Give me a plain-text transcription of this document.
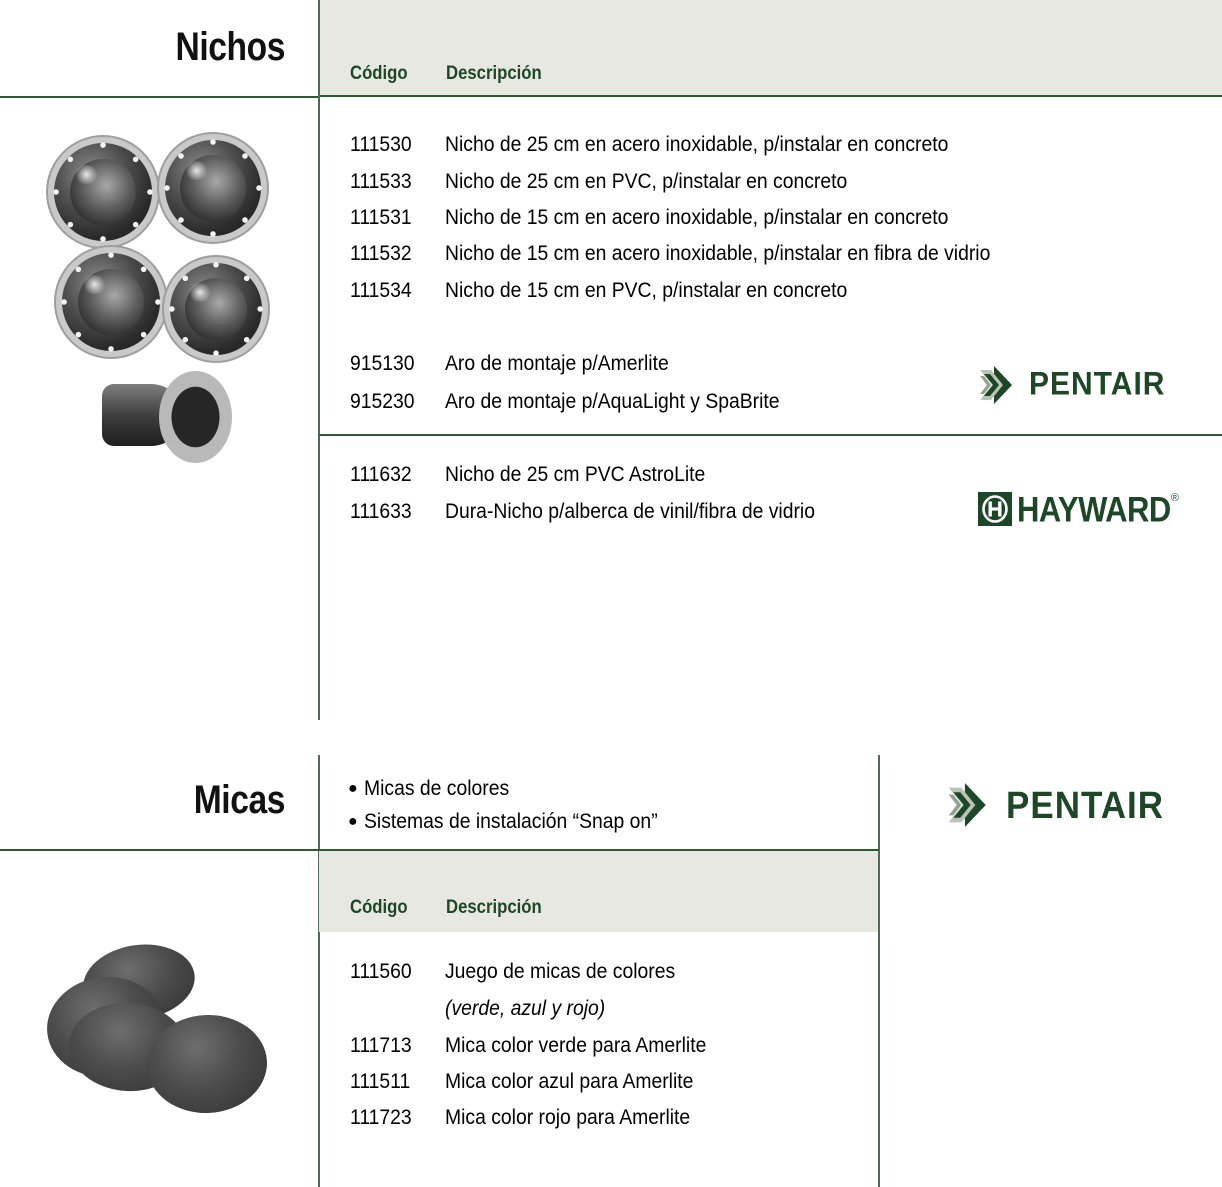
Nichos
Código Descripción
111530 Nicho de 25 cm en acero inoxidable, p/instalar en concreto
111533 Nicho de 25 cm en PVC, p/instalar en concreto
111531 Nicho de 15 cm en acero inoxidable, p/instalar en concreto
111532 Nicho de 15 cm en acero inoxidable, p/instalar en fibra de vidrio
111534 Nicho de 15 cm en PVC, p/instalar en concreto
915130 Aro de montaje p/Amerlite
915230 Aro de montaje p/AquaLight y SpaBrite	PENTAIR
111632 Nicho de 25 cm PVC AstroLite
111633 Dura-Nicho p/alberca de vinil/fibra de vidrio	HAYWARD ®
Micas	● Micas de colores
● Sistemas de instalación “Snap on”	PENTAIR
Código Descripción
111560 Juego de micas de colores
(verde, azul y rojo)
111713 Mica color verde para Amerlite
111511 Mica color azul para Amerlite
111723 Mica color rojo para Amerlite
